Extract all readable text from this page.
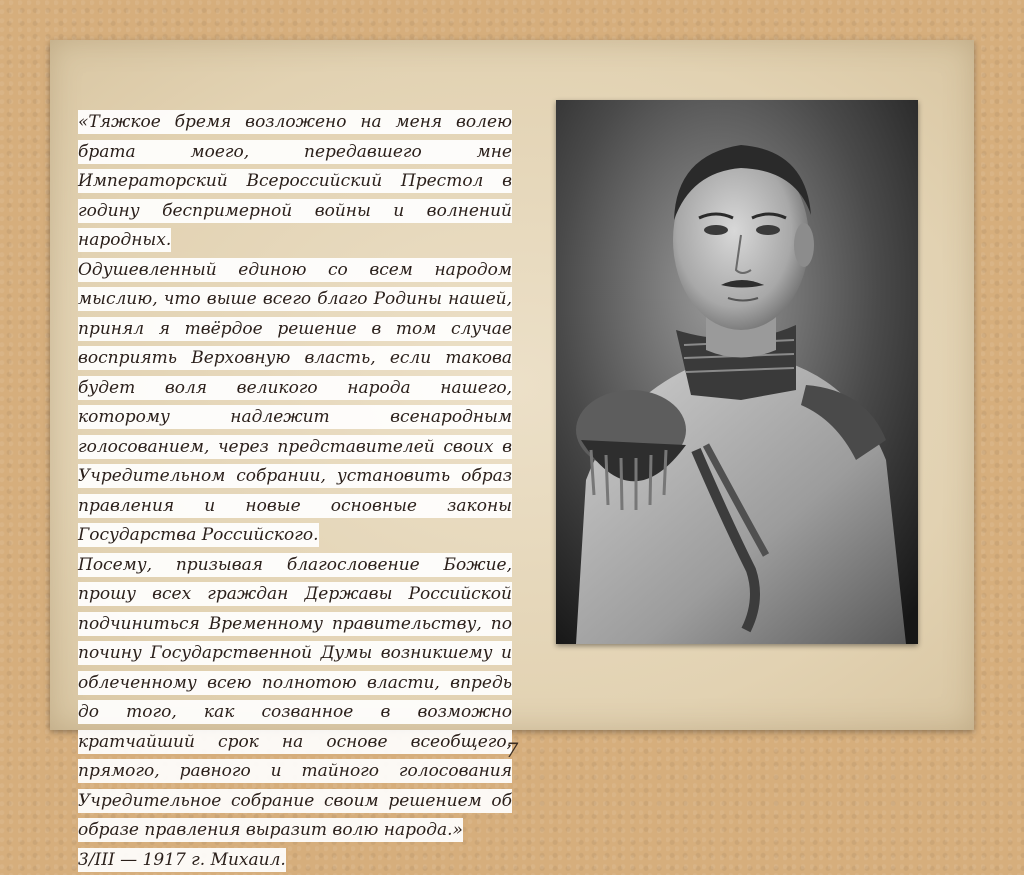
«Тяжкое бремя возложено на меня волею брата моего, передавшего мне Императорский Всероссийский Престол в годину беспримерной войны и волнений народных.

Одушевленный единою со всем народом мыслию, что выше всего благо Родины нашей, принял я твёрдое решение в том случае восприять Верховную власть, если такова будет воля великого народа нашего, которому надлежит всенародным голосованием, через представителей своих в Учредительном собрании, установить образ правления и новые основные законы Государства Российского.

Посему, призывая благословение Божие, прошу всех граждан Державы Российской подчиниться Временному правительству, по почину Государственной Думы возникшему и облеченному всею полнотою власти, впредь до того, как созванное в возможно кратчайший срок на основе всеобщего, прямого, равного и тайного голосования Учредительное собрание своим решением об образе правления выразит волю народа.»

3/III — 1917 г. Михаил.

7
